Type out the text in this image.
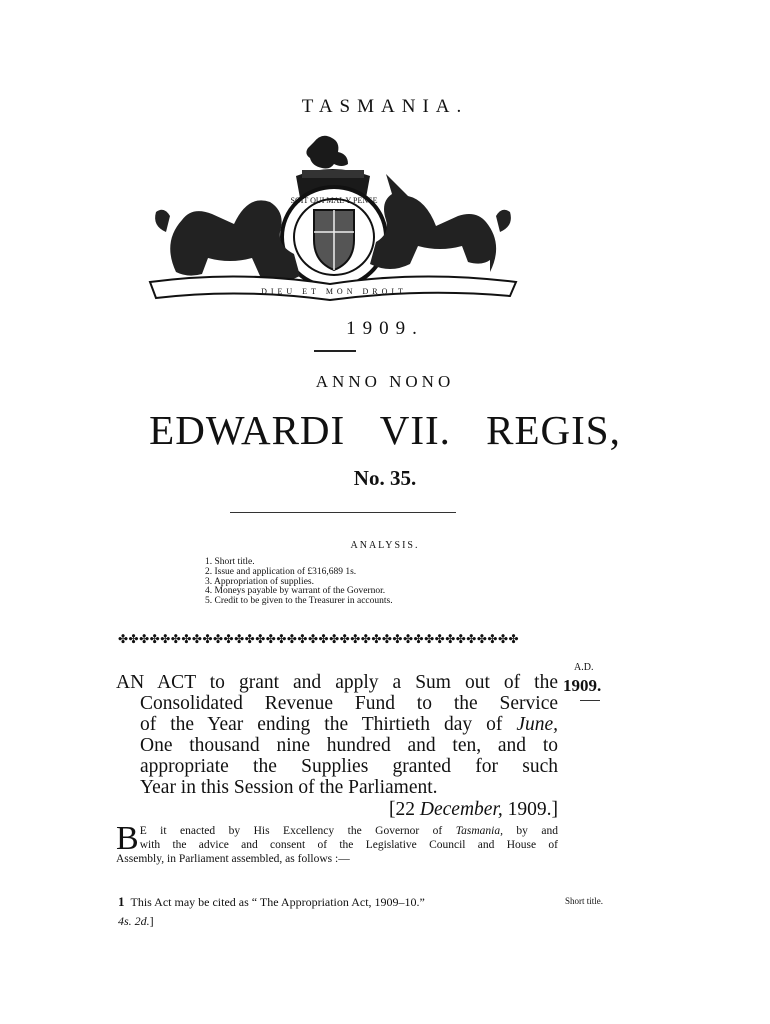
TASMANIA.
SOIT QUI MAL Y PENSE
DIEU ET MON DROIT
1909.
ANNO NONO
EDWARDI VII. REGIS,
No. 35.
ANALYSIS.
1. Short title.
2. Issue and application of £316,689 1s.
3. Appropriation of supplies.
4. Moneys payable by warrant of the Governor.
5. Credit to be given to the Treasurer in accounts.
✤✤✤✤✤✤✤✤✤✤✤✤✤✤✤✤✤✤✤✤✤✤✤✤✤✤✤✤✤✤✤✤✤✤✤✤✤✤
A.D.
1909.
AN ACT to grant and apply a Sum out of the
Consolidated Revenue Fund to the Service
of the Year ending the Thirtieth day of June,
One thousand nine hundred and ten, and to
appropriate the Supplies granted for such
Year in this Session of the Parliament.
[22 December, 1909.]
B E it enacted by His Excellency the Governor of Tasmania, by and
with the advice and consent of the Legislative Council and House of
Assembly, in Parliament assembled, as follows :—
1 This Act may be cited as “ The Appropriation Act, 1909–10.”	Short title.
4s. 2d.]
